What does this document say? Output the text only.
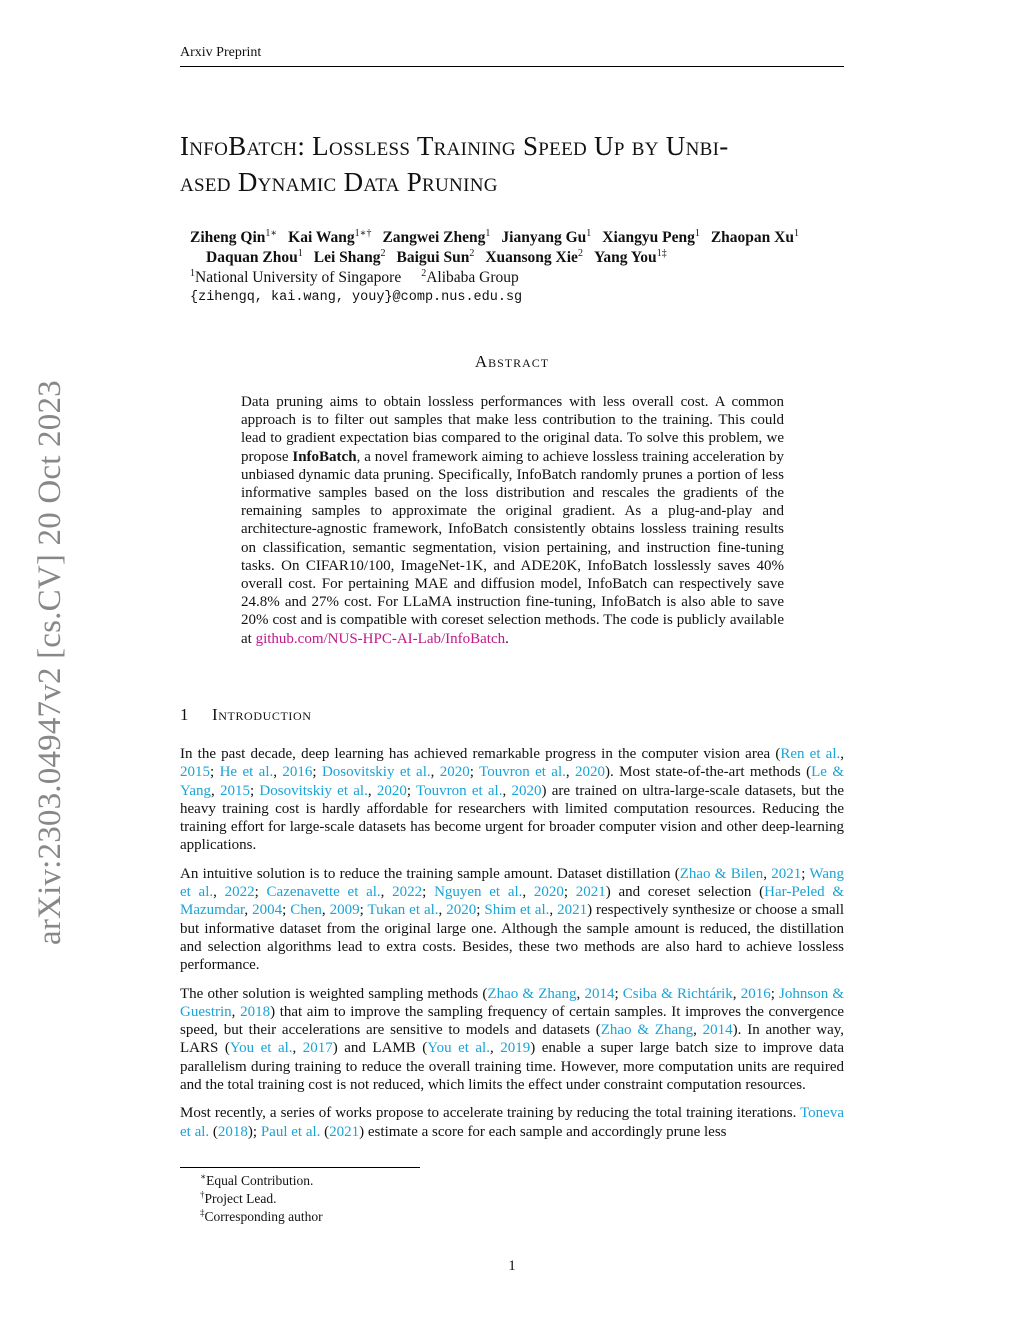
Arxiv Preprint
arXiv:2303.04947v2 [cs.CV] 20 Oct 2023
InfoBatch: Lossless Training Speed Up by Unbi-
ased Dynamic Data Pruning
Ziheng Qin$^{1∗}$ Kai Wang$^{1∗\dagger}$ Zangwei Zheng$^1$ Jianyang Gu$^1$ Xiangyu Peng$^1$ Zhaopan Xu$^1$
Daquan Zhou$^1$ Lei Shang$^2$ Baigui Sun$^2$ Xuansong Xie$^2$ Yang You$^{1\ddagger}$
$^1$National University of Singapore $^2$Alibaba Group
{zihengq, kai.wang, youy}@comp.nus.edu.sg
Abstract

Data pruning aims to obtain lossless performances with less overall cost. A common approach is to filter out samples that make less contribution to the training. This could lead to gradient expectation bias compared to the original data. To solve this problem, we propose InfoBatch, a novel framework aiming to achieve lossless training acceleration by unbiased dynamic data pruning. Specifically, InfoBatch randomly prunes a portion of less informative samples based on the loss distribution and rescales the gradients of the remaining samples to approximate the original gradient. As a plug-and-play and architecture-agnostic framework, InfoBatch consistently obtains lossless training results on classification, semantic segmentation, vision pertaining, and instruction fine-tuning tasks. On CIFAR10/100, ImageNet-1K, and ADE20K, InfoBatch losslessly saves 40% overall cost. For pertaining MAE and diffusion model, InfoBatch can respectively save 24.8% and 27% cost. For LLaMA instruction fine-tuning, InfoBatch is also able to save 20% cost and is compatible with coreset selection methods. The code is publicly available at github.com/NUS-HPC-AI-Lab/InfoBatch.

1 Introduction

In the past decade, deep learning has achieved remarkable progress in the computer vision area (Ren et al., 2015; He et al., 2016; Dosovitskiy et al., 2020; Touvron et al., 2020). Most state-of-the-art methods (Le & Yang, 2015; Dosovitskiy et al., 2020; Touvron et al., 2020) are trained on ultra-large-scale datasets, but the heavy training cost is hardly affordable for researchers with limited computation resources. Reducing the training effort for large-scale datasets has become urgent for broader computer vision and other deep-learning applications.

An intuitive solution is to reduce the training sample amount. Dataset distillation (Zhao & Bilen, 2021; Wang et al., 2022; Cazenavette et al., 2022; Nguyen et al., 2020; 2021) and coreset selection (Har-Peled & Mazumdar, 2004; Chen, 2009; Tukan et al., 2020; Shim et al., 2021) respectively synthesize or choose a small but informative dataset from the original large one. Although the sample amount is reduced, the distillation and selection algorithms lead to extra costs. Besides, these two methods are also hard to achieve lossless performance.

The other solution is weighted sampling methods (Zhao & Zhang, 2014; Csiba & Richtárik, 2016; Johnson & Guestrin, 2018) that aim to improve the sampling frequency of certain samples. It improves the convergence speed, but their accelerations are sensitive to models and datasets (Zhao & Zhang, 2014). In another way, LARS (You et al., 2017) and LAMB (You et al., 2019) enable a super large batch size to improve data parallelism during training to reduce the overall training time. However, more computation units are required and the total training cost is not reduced, which limits the effect under constraint computation resources.

Most recently, a series of works propose to accelerate training by reducing the total training iterations. Toneva et al. (2018); Paul et al. (2021) estimate a score for each sample and accordingly prune less

∗Equal Contribution.
†Project Lead.
‡Corresponding author
1
